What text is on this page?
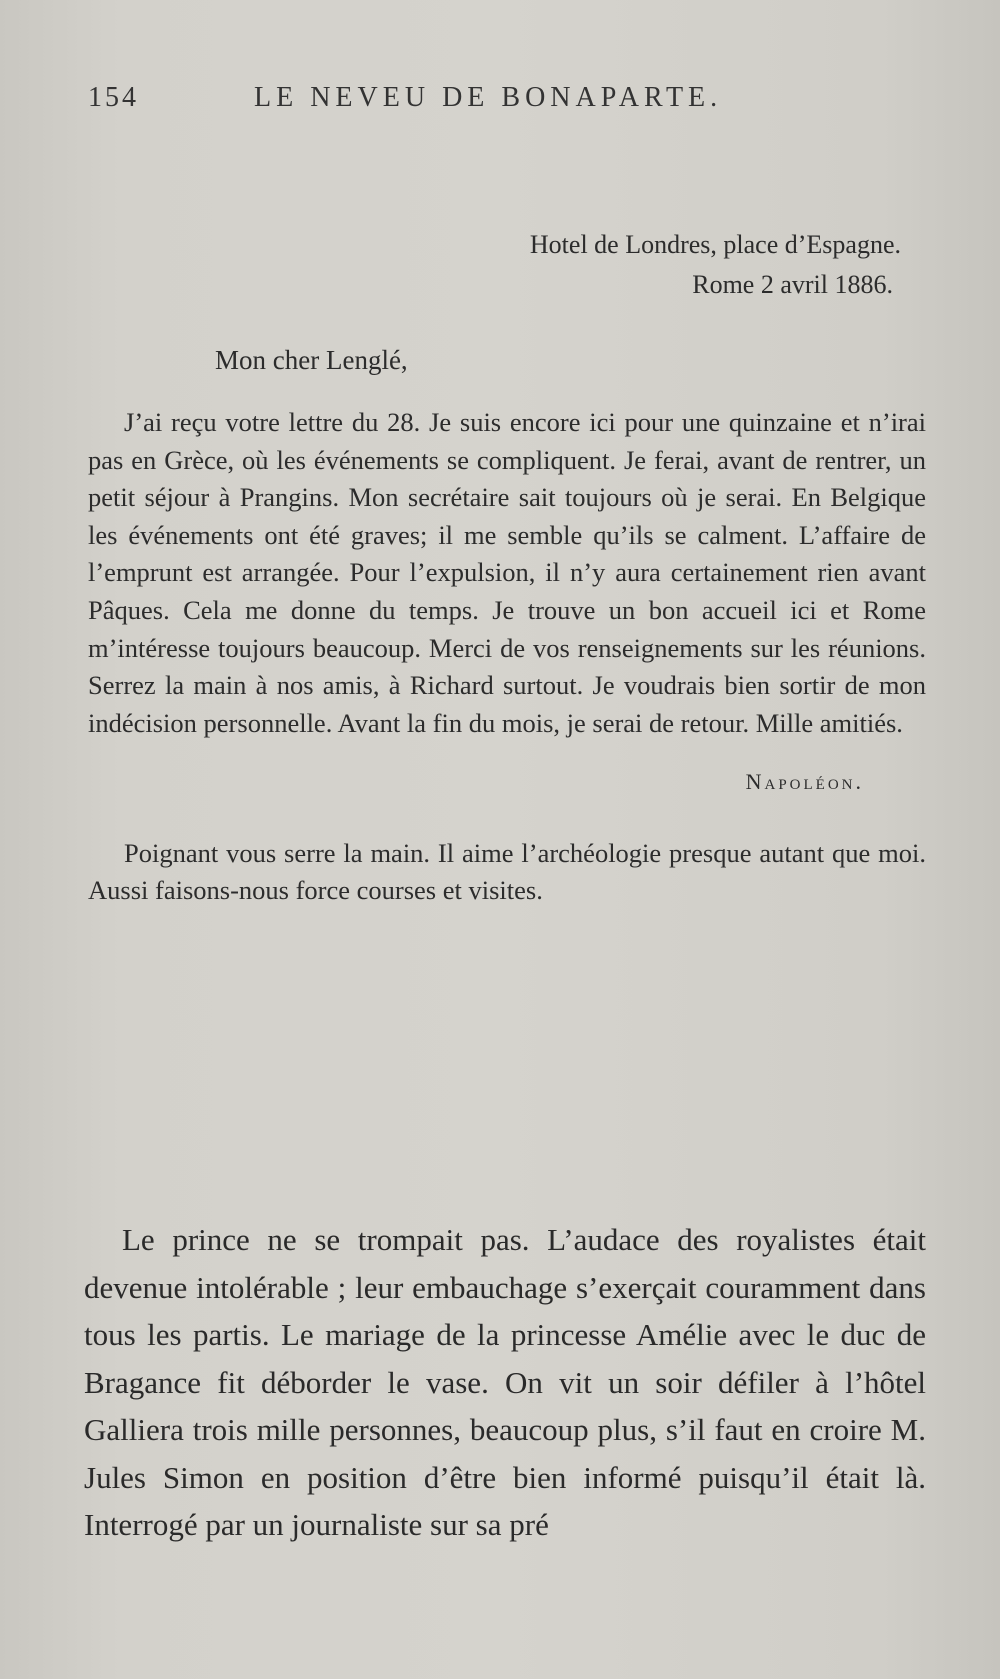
154	LE NEVEU DE BONAPARTE.
Hotel de Londres, place d’Espagne.
Rome 2 avril 1886.
Mon cher Lenglé,

J’ai reçu votre lettre du 28. Je suis encore ici pour une quinzaine et n’irai pas en Grèce, où les événements se compliquent. Je ferai, avant de rentrer, un petit séjour à Prangins. Mon secrétaire sait toujours où je serai. En Belgique les événements ont été graves; il me semble qu’ils se calment. L’affaire de l’emprunt est arrangée. Pour l’expulsion, il n’y aura certainement rien avant Pâques. Cela me donne du temps. Je trouve un bon accueil ici et Rome m’intéresse toujours beaucoup. Merci de vos renseignements sur les réunions. Serrez la main à nos amis, à Richard surtout. Je voudrais bien sortir de mon indécision personnelle. Avant la fin du mois, je serai de retour. Mille amitiés.

Napoléon.

Poignant vous serre la main. Il aime l’archéologie presque autant que moi. Aussi faisons-nous force courses et visites.

Le prince ne se trompait pas. L’audace des royalistes était devenue intolérable ; leur embauchage s’exerçait couramment dans tous les partis. Le mariage de la princesse Amélie avec le duc de Bragance fit déborder le vase. On vit un soir défiler à l’hôtel Galliera trois mille personnes, beaucoup plus, s’il faut en croire M. Jules Simon en position d’être bien informé puisqu’il était là. Interrogé par un journaliste sur sa pré
